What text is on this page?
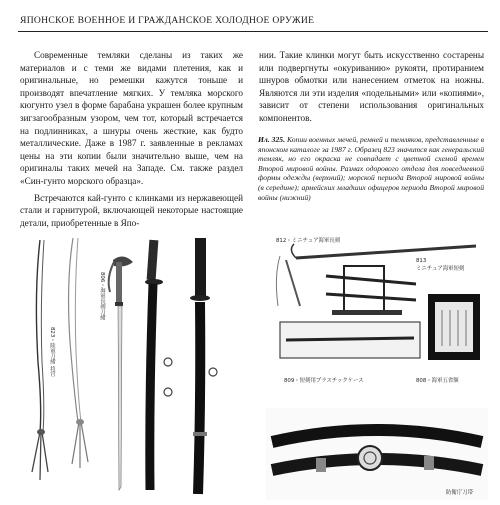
ЯПОНСКОЕ ВОЕННОЕ И ГРАЖДАНСКОЕ ХОЛОДНОЕ ОРУЖИЕ

Современные темляки сделаны из таких же материалов и с теми же видами плетения, как и оригинальные, но ремешки кажутся тоньше и производят впечатление мягких. У темляка морского кюгунто узел в форме барабана украшен более крупным зигзагообразным узором, чем тот, который встречается на подлинниках, а шнуры очень жесткие, как будто металлические. Даже в 1987 г. заявленные в рекламах цены на эти копии были значительно выше, чем на оригиналы таких мечей на Западе. См. также раздел «Син-гунто морского образца».

Встречаются кай-гунто с клинками из нержавеющей стали и гарнитурой, включающей некоторые настоящие детали, приобретенные в Япо-

нии. Такие клинки могут быть искусственно состарены или подвергнуты «окуриванию» рукояти, протиранием шнуров обмотки или нанесением отметок на ножны. Являются ли эти изделия «подельными» или «копиями», зависит от степени использования оригинальных компонентов.

Ил. 325. Копии военных мечей, ремней и темляков, представленные в японском каталоге за 1987 г. Образец 823 значится как генеральский темляк, но его окраска не совпадает с цветной схемой времен Второй мировой войны. Размах одорового отдела для повседневной формы одежды (верхний); морской периода Второй мировой войны (в середине); армейских младших офицеров периода Второй мировой войны (нижний)
823・陸軍刀緒 将官
806・海軍長剣刀緒
812・ミニチュア海軍長剣
813
ミニチュア海軍短剣
809・短剣用プラスチックケース	808・海軍五省額
防衛庁刀帯
